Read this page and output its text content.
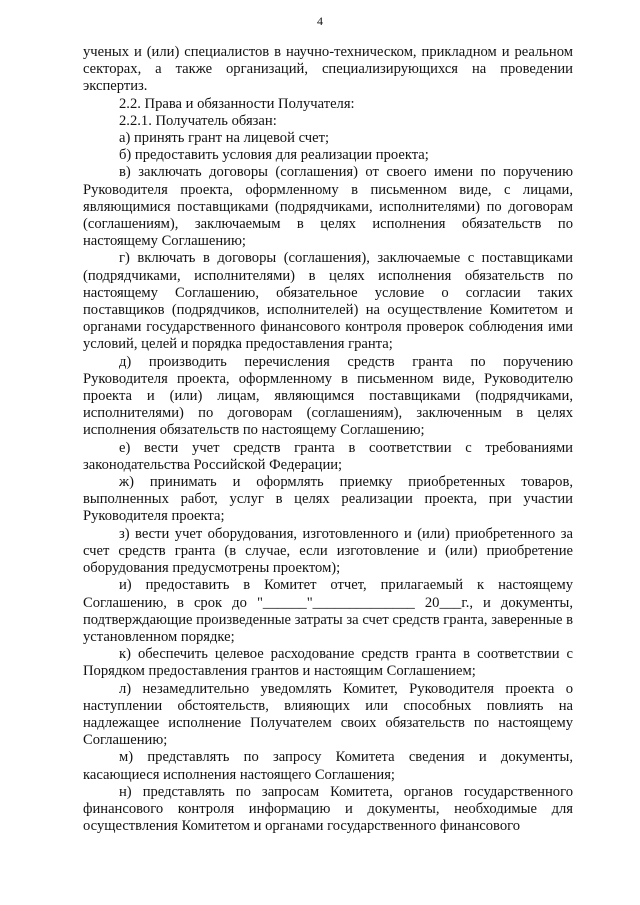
4

ученых и (или) специалистов в научно-техническом, прикладном и реальном секторах, а также организаций, специализирующихся на проведении экспертиз.

2.2. Права и обязанности Получателя:

2.2.1. Получатель обязан:

а) принять грант на лицевой счет;

б) предоставить условия для реализации проекта;

в) заключать договоры (соглашения) от своего имени по поручению Руководителя проекта, оформленному в письменном виде, с лицами, являющимися поставщиками (подрядчиками, исполнителями) по договорам (соглашениям), заключаемым в целях исполнения обязательств по настоящему Соглашению;

г) включать в договоры (соглашения), заключаемые с поставщиками (подрядчиками, исполнителями) в целях исполнения обязательств по настоящему Соглашению, обязательное условие о согласии таких поставщиков (подрядчиков, исполнителей) на осуществление Комитетом и органами государственного финансового контроля проверок соблюдения ими условий, целей и порядка предоставления гранта;

д) производить перечисления средств гранта по поручению Руководителя проекта, оформленному в письменном виде, Руководителю проекта и (или) лицам, являющимся поставщиками (подрядчиками, исполнителями) по договорам (соглашениям), заключенным в целях исполнения обязательств по настоящему Соглашению;

е) вести учет средств гранта в соответствии с требованиями законодательства Российской Федерации;

ж) принимать и оформлять приемку приобретенных товаров, выполненных работ, услуг в целях реализации проекта, при участии Руководителя проекта;

з) вести учет оборудования, изготовленного и (или) приобретенного за счет средств гранта (в случае, если изготовление и (или) приобретение оборудования предусмотрены проектом);

и) предоставить в Комитет отчет, прилагаемый к настоящему Соглашению, в срок до "______"______________ 20___г., и документы, подтверждающие произведенные затраты за счет средств гранта, заверенные в установленном порядке;

к) обеспечить целевое расходование средств гранта в соответствии с Порядком предоставления грантов и настоящим Соглашением;

л) незамедлительно уведомлять Комитет, Руководителя проекта о наступлении обстоятельств, влияющих или способных повлиять на надлежащее исполнение Получателем своих обязательств по настоящему Соглашению;

м) представлять по запросу Комитета сведения и документы, касающиеся исполнения настоящего Соглашения;

н) представлять по запросам Комитета, органов государственного финансового контроля информацию и документы, необходимые для осуществления Комитетом и органами государственного финансового
